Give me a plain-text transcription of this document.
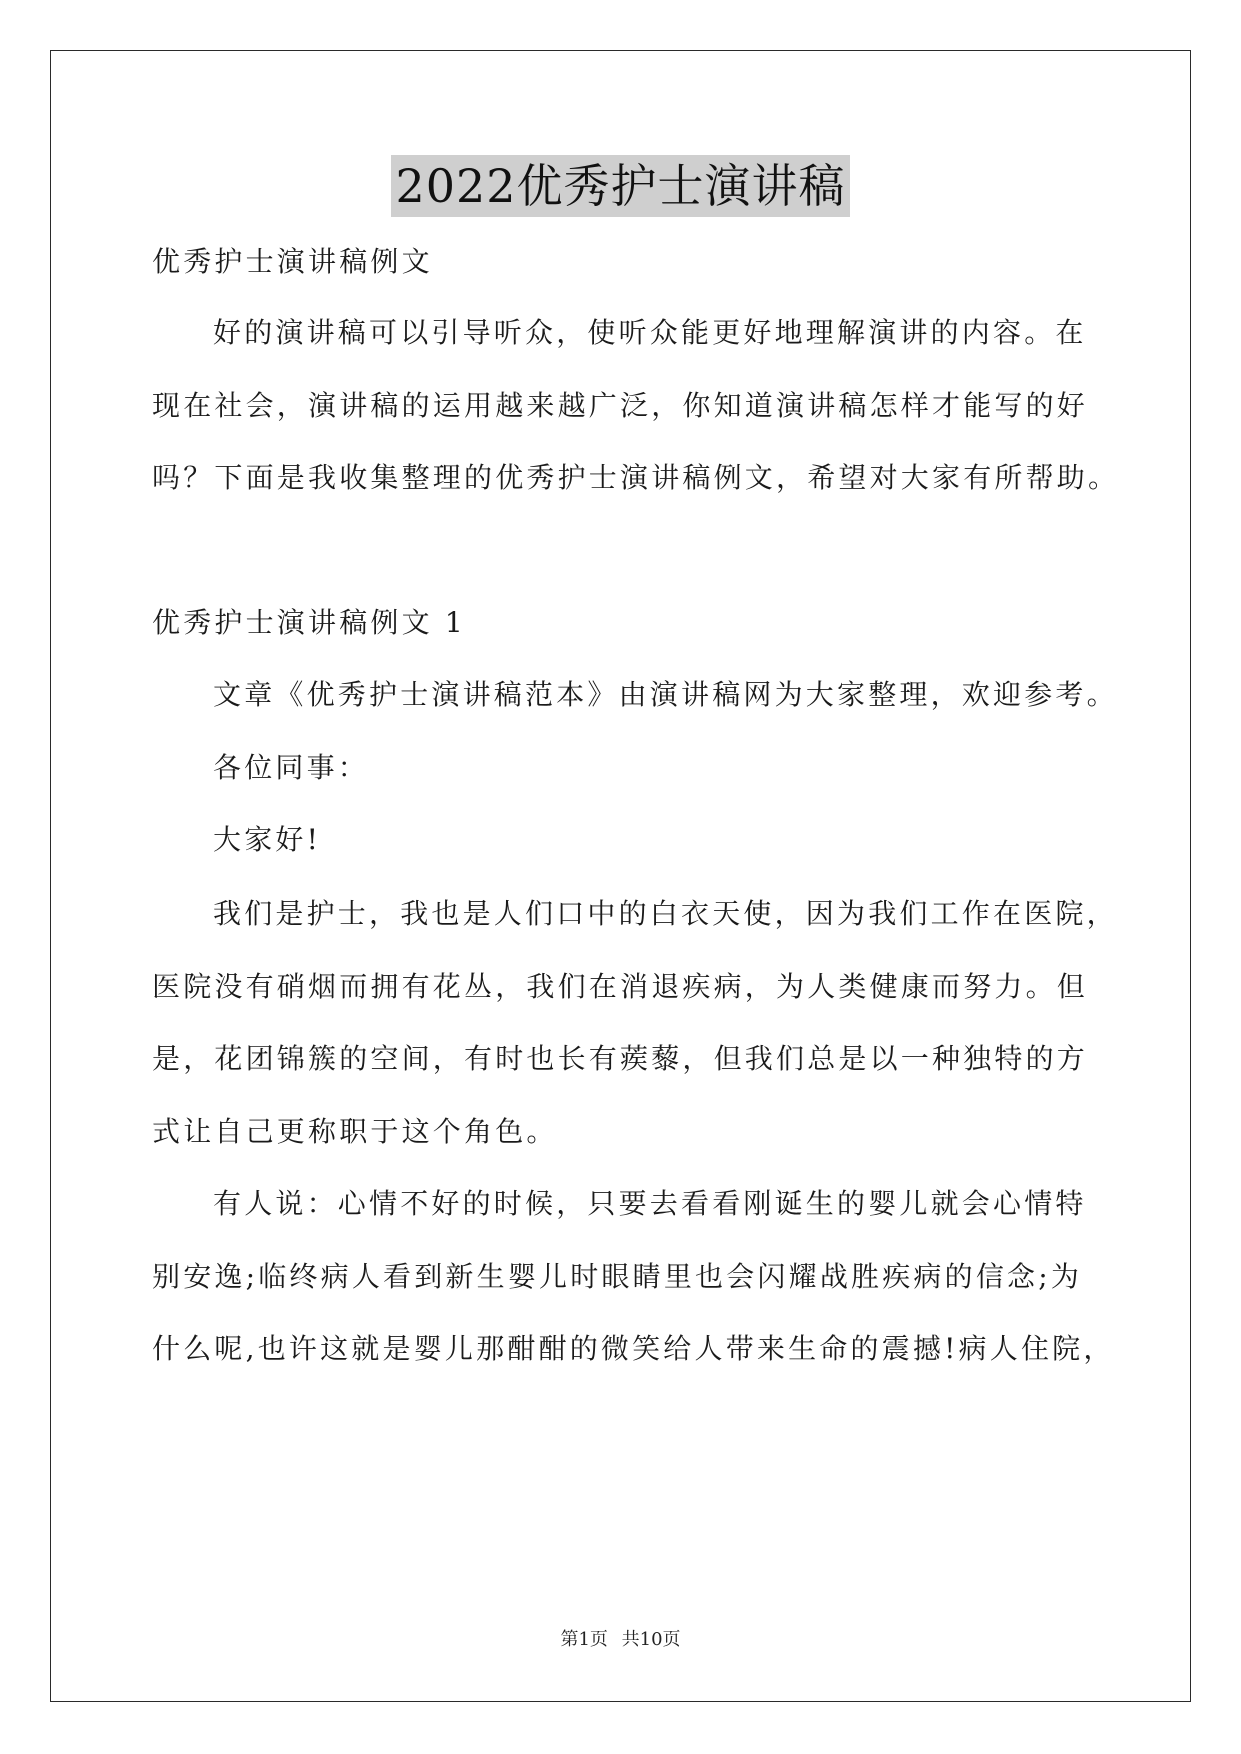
2022优秀护士演讲稿
优秀护士演讲稿例文
好的演讲稿可以引导听众，使听众能更好地理解演讲的内容。在
现在社会，演讲稿的运用越来越广泛，你知道演讲稿怎样才能写的好
吗？下面是我收集整理的优秀护士演讲稿例文，希望对大家有所帮助。
优秀护士演讲稿例文 1
文章《优秀护士演讲稿范本》由演讲稿网为大家整理，欢迎参考。
各位同事：
大家好!
我们是护士，我也是人们口中的白衣天使，因为我们工作在医院，
医院没有硝烟而拥有花丛，我们在消退疾病，为人类健康而努力。但
是，花团锦簇的空间，有时也长有蒺藜，但我们总是以一种独特的方
式让自己更称职于这个角色。
有人说：心情不好的时候，只要去看看刚诞生的婴儿就会心情特
别安逸;临终病人看到新生婴儿时眼睛里也会闪耀战胜疾病的信念;为
什么呢,也许这就是婴儿那酣酣的微笑给人带来生命的震撼!病人住院，
第1页 共10页
